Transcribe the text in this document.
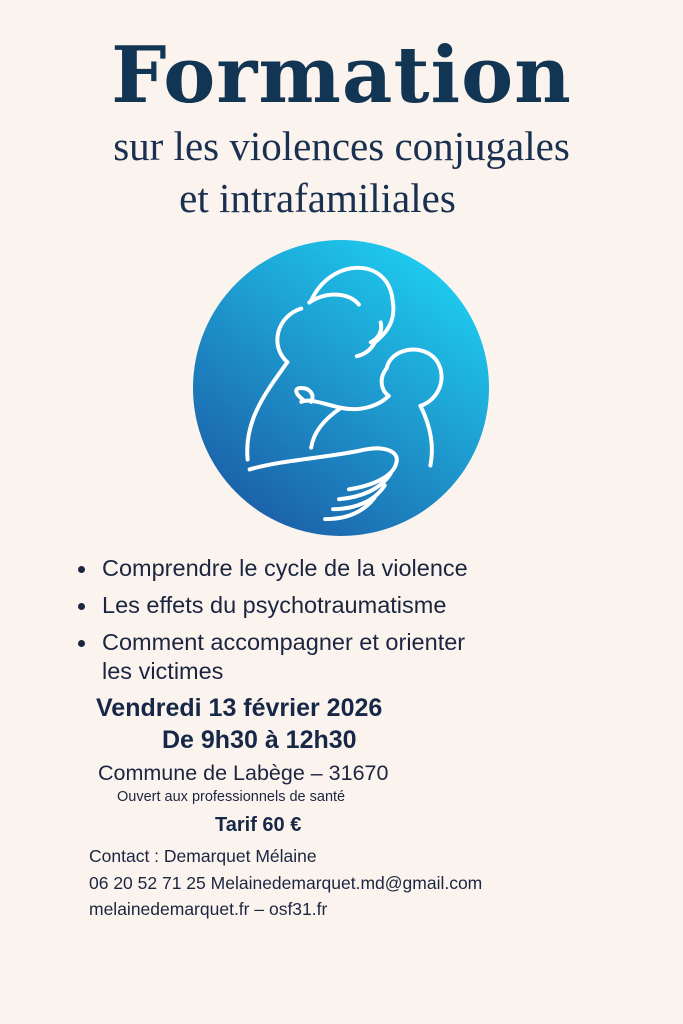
Formation
sur les violences conjugales
et intrafamiliales
Comprendre le cycle de la violence
Les effets du psychotraumatisme
Comment accompagner et orienter
les victimes
Vendredi 13 février 2026
De 9h30 à 12h30
Commune de Labège – 31670
Ouvert aux professionnels de santé
Tarif 60 €
Contact : Demarquet Mélaine
06 20 52 71 25 Melainedemarquet.md@gmail.com
melainedemarquet.fr – osf31.fr
